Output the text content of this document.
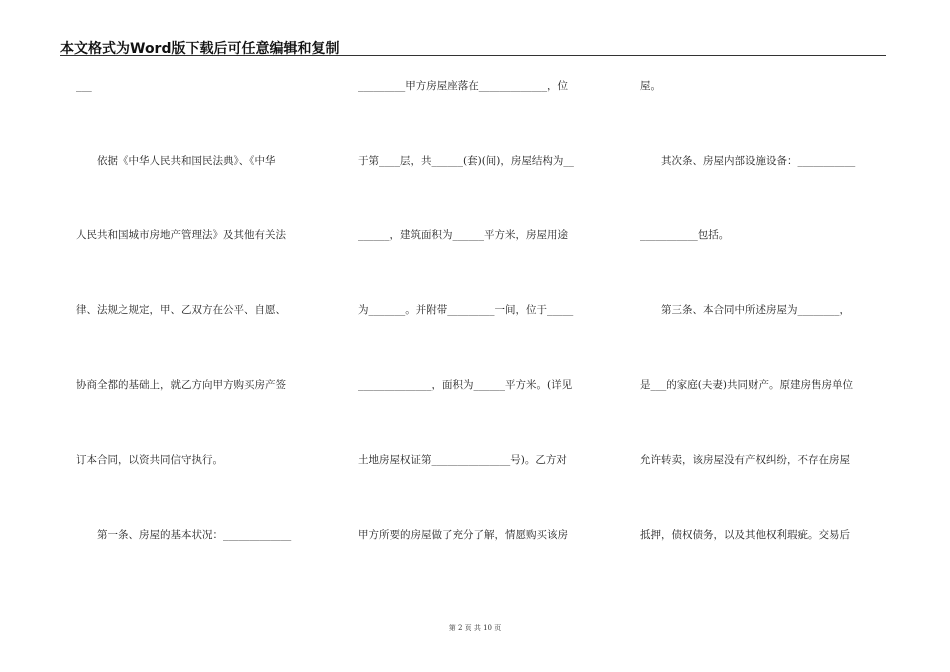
本文格式为Word版下载后可任意编辑和复制
___
　　依据《中华人民共和国民法典》、《中华
人民共和国城市房地产管理法》及其他有关法
律、法规之规定，甲、乙双方在公平、自愿、
协商全都的基础上，就乙方向甲方购买房产签
订本合同，以资共同信守执行。
　　第一条、房屋的基本状况：_____________
_________甲方房屋座落在_____________，位
于第____层，共______(套)(间)，房屋结构为__
______，建筑面积为______平方米，房屋用途
为_______。并附带_________一间，位于_____
______________，面积为______平方米。(详见
土地房屋权证第_______________号)。乙方对
甲方所要的房屋做了充分了解，情愿购买该房
屋。
　　其次条、房屋内部设施设备：___________
___________包括。
　　第三条、本合同中所述房屋为________，
是___的家庭(夫妻)共同财产。原建房售房单位
允许转卖，该房屋没有产权纠纷，不存在房屋
抵押，债权债务，以及其他权利瑕疵。交易后
第 2 页 共 10 页
